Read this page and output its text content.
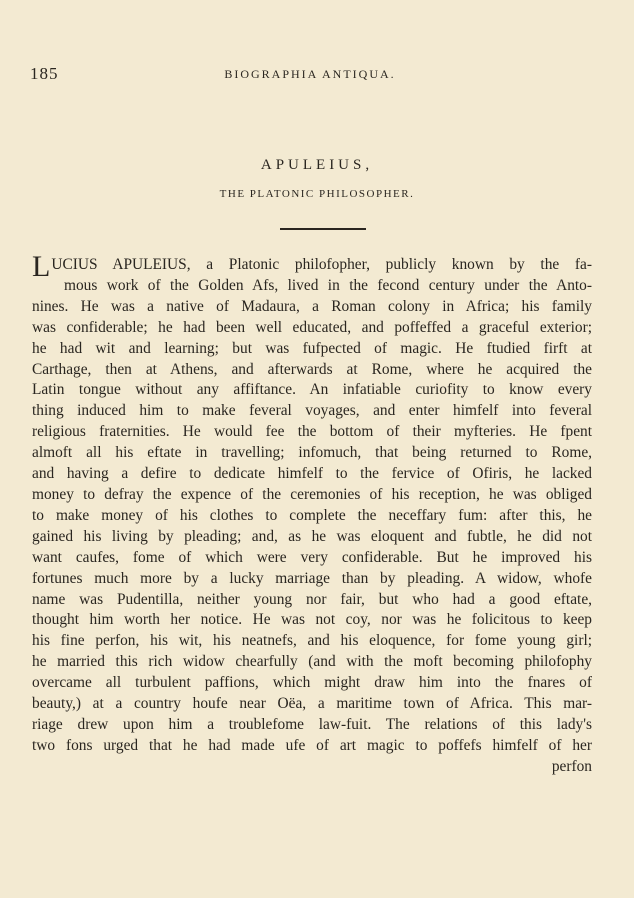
185	BIOGRAPHIA ANTIQUA.
APULEIUS,
THE PLATONIC PHILOSOPHER.
LUCIUS APULEIUS, a Platonic philofopher, publicly known by the fa-
mous work of the Golden Afs, lived in the fecond century under the Anto-
nines. He was a native of Madaura, a Roman colony in Africa; his family
was confiderable; he had been well educated, and poffeffed a graceful exterior;
he had wit and learning; but was fufpected of magic. He ftudied firft at
Carthage, then at Athens, and afterwards at Rome, where he acquired the
Latin tongue without any affiftance. An infatiable curiofity to know every
thing induced him to make feveral voyages, and enter himfelf into feveral
religious fraternities. He would fee the bottom of their myfteries. He fpent
almoft all his eftate in travelling; infomuch, that being returned to Rome,
and having a defire to dedicate himfelf to the fervice of Ofiris, he lacked
money to defray the expence of the ceremonies of his reception, he was obliged
to make money of his clothes to complete the neceffary fum: after this, he
gained his living by pleading; and, as he was eloquent and fubtle, he did not
want caufes, fome of which were very confiderable. But he improved his
fortunes much more by a lucky marriage than by pleading. A widow, whofe
name was Pudentilla, neither young nor fair, but who had a good eftate,
thought him worth her notice. He was not coy, nor was he folicitous to keep
his fine perfon, his wit, his neatnefs, and his eloquence, for fome young girl;
he married this rich widow chearfully (and with the moft becoming philofophy
overcame all turbulent paffions, which might draw him into the fnares of
beauty,) at a country houfe near Oëa, a maritime town of Africa. This mar-
riage drew upon him a troublefome law-fuit. The relations of this lady's
two fons urged that he had made ufe of art magic to poffefs himfelf of her
perfon
